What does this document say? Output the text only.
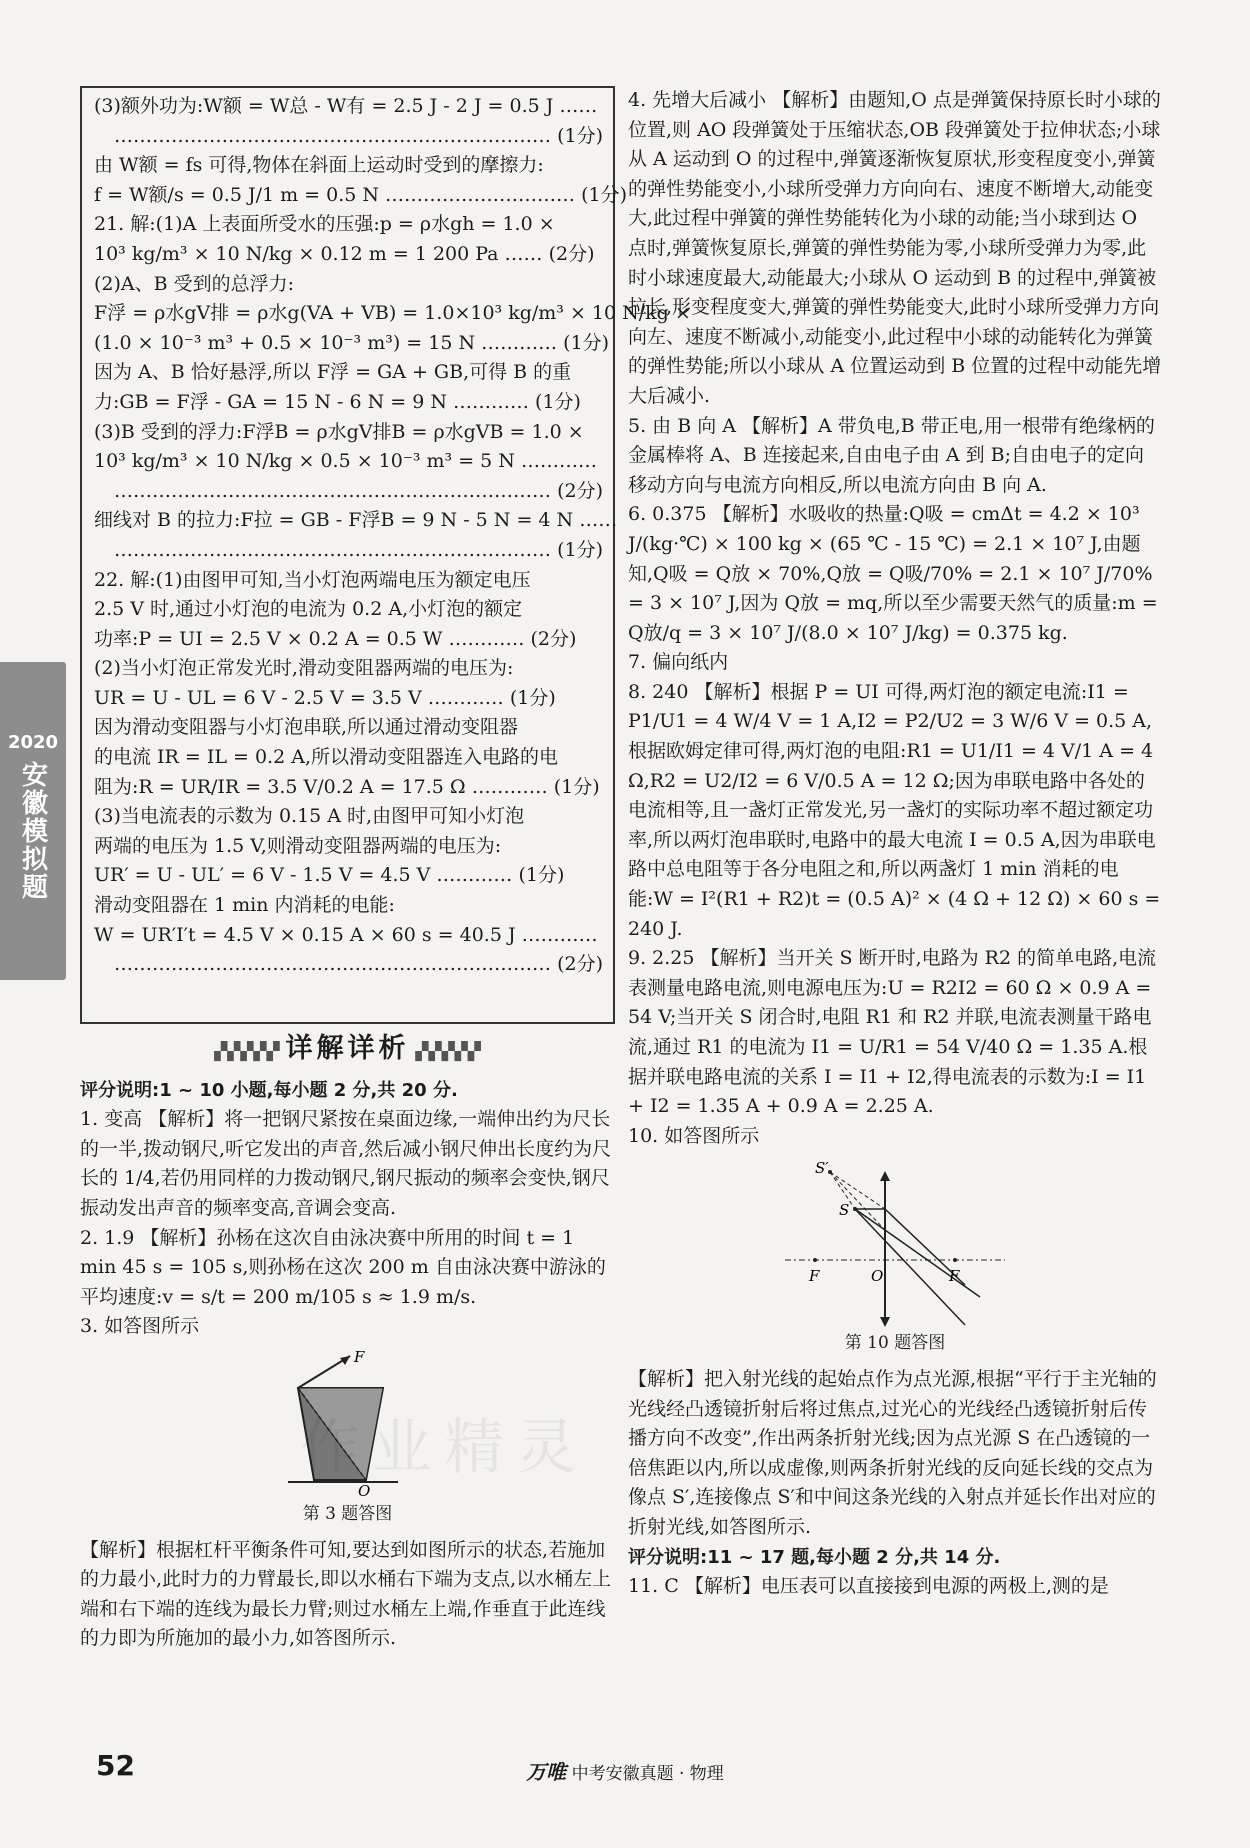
2020
安徽模拟题
(3)额外功为:W额 = W总 - W有 = 2.5 J - 2 J = 0.5 J ……
…………………………………………………………… (1分)
由 W额 = fs 可得,物体在斜面上运动时受到的摩擦力:
f = W额/s = 0.5 J/1 m = 0.5 N ………………………… (1分)
21. 解:(1)A 上表面所受水的压强:p = ρ水gh = 1.0 ×
10³ kg/m³ × 10 N/kg × 0.12 m = 1 200 Pa …… (2分)
(2)A、B 受到的总浮力:
F浮 = ρ水gV排 = ρ水g(VA + VB) = 1.0×10³ kg/m³ × 10 N/kg ×
(1.0 × 10⁻³ m³ + 0.5 × 10⁻³ m³) = 15 N ………… (1分)
因为 A、B 恰好悬浮,所以 F浮 = GA + GB,可得 B 的重
力:GB = F浮 - GA = 15 N - 6 N = 9 N ………… (1分)
(3)B 受到的浮力:F浮B = ρ水gV排B = ρ水gVB = 1.0 ×
10³ kg/m³ × 10 N/kg × 0.5 × 10⁻³ m³ = 5 N …………
…………………………………………………………… (2分)
细线对 B 的拉力:F拉 = GB - F浮B = 9 N - 5 N = 4 N ……
…………………………………………………………… (1分)
22. 解:(1)由图甲可知,当小灯泡两端电压为额定电压
2.5 V 时,通过小灯泡的电流为 0.2 A,小灯泡的额定
功率:P = UI = 2.5 V × 0.2 A = 0.5 W ………… (2分)
(2)当小灯泡正常发光时,滑动变阻器两端的电压为:
UR = U - UL = 6 V - 2.5 V = 3.5 V ………… (1分)
因为滑动变阻器与小灯泡串联,所以通过滑动变阻器
的电流 IR = IL = 0.2 A,所以滑动变阻器连入电路的电
阻为:R = UR/IR = 3.5 V/0.2 A = 17.5 Ω ………… (1分)
(3)当电流表的示数为 0.15 A 时,由图甲可知小灯泡
两端的电压为 1.5 V,则滑动变阻器两端的电压为:
UR′ = U - UL′ = 6 V - 1.5 V = 4.5 V ………… (1分)
滑动变阻器在 1 min 内消耗的电能:
W = UR′I′t = 4.5 V × 0.15 A × 60 s = 40.5 J …………
…………………………………………………………… (2分)
▞▞▞▞▞ 详解详析 ▞▞▞▞▞
评分说明:1 ~ 10 小题,每小题 2 分,共 20 分.
1. 变高 【解析】将一把钢尺紧按在桌面边缘,一端伸出约为尺长的一半,拨动钢尺,听它发出的声音,然后减小钢尺伸出长度约为尺长的 1/4,若仍用同样的力拨动钢尺,钢尺振动的频率会变快,钢尺振动发出声音的频率变高,音调会变高.
2. 1.9 【解析】孙杨在这次自由泳决赛中所用的时间 t = 1 min 45 s = 105 s,则孙杨在这次 200 m 自由泳决赛中游泳的平均速度:v = s/t = 200 m/105 s ≈ 1.9 m/s.
3. 如答图所示
F
O
第 3 题答图
【解析】根据杠杆平衡条件可知,要达到如图所示的状态,若施加的力最小,此时力的力臂最长,即以水桶右下端为支点,以水桶左上端和右下端的连线为最长力臂;则过水桶左上端,作垂直于此连线的力即为所施加的最小力,如答图所示.
4. 先增大后减小 【解析】由题知,O 点是弹簧保持原长时小球的位置,则 AO 段弹簧处于压缩状态,OB 段弹簧处于拉伸状态;小球从 A 运动到 O 的过程中,弹簧逐渐恢复原状,形变程度变小,弹簧的弹性势能变小,小球所受弹力方向向右、速度不断增大,动能变大,此过程中弹簧的弹性势能转化为小球的动能;当小球到达 O 点时,弹簧恢复原长,弹簧的弹性势能为零,小球所受弹力为零,此时小球速度最大,动能最大;小球从 O 运动到 B 的过程中,弹簧被拉长,形变程度变大,弹簧的弹性势能变大,此时小球所受弹力方向向左、速度不断减小,动能变小,此过程中小球的动能转化为弹簧的弹性势能;所以小球从 A 位置运动到 B 位置的过程中动能先增大后减小.
5. 由 B 向 A 【解析】A 带负电,B 带正电,用一根带有绝缘柄的金属棒将 A、B 连接起来,自由电子由 A 到 B;自由电子的定向移动方向与电流方向相反,所以电流方向由 B 向 A.
6. 0.375 【解析】水吸收的热量:Q吸 = cmΔt = 4.2 × 10³ J/(kg·℃) × 100 kg × (65 ℃ - 15 ℃) = 2.1 × 10⁷ J,由题知,Q吸 = Q放 × 70%,Q放 = Q吸/70% = 2.1 × 10⁷ J/70% = 3 × 10⁷ J,因为 Q放 = mq,所以至少需要天然气的质量:m = Q放/q = 3 × 10⁷ J/(8.0 × 10⁷ J/kg) = 0.375 kg.
7. 偏向纸内
8. 240 【解析】根据 P = UI 可得,两灯泡的额定电流:I1 = P1/U1 = 4 W/4 V = 1 A,I2 = P2/U2 = 3 W/6 V = 0.5 A,根据欧姆定律可得,两灯泡的电阻:R1 = U1/I1 = 4 V/1 A = 4 Ω,R2 = U2/I2 = 6 V/0.5 A = 12 Ω;因为串联电路中各处的电流相等,且一盏灯正常发光,另一盏灯的实际功率不超过额定功率,所以两灯泡串联时,电路中的最大电流 I = 0.5 A,因为串联电路中总电阻等于各分电阻之和,所以两盏灯 1 min 消耗的电能:W = I²(R1 + R2)t = (0.5 A)² × (4 Ω + 12 Ω) × 60 s = 240 J.
9. 2.25 【解析】当开关 S 断开时,电路为 R2 的简单电路,电流表测量电路电流,则电源电压为:U = R2I2 = 60 Ω × 0.9 A = 54 V;当开关 S 闭合时,电阻 R1 和 R2 并联,电流表测量干路电流,通过 R1 的电流为 I1 = U/R1 = 54 V/40 Ω = 1.35 A.根据并联电路电流的关系 I = I1 + I2,得电流表的示数为:I = I1 + I2 = 1.35 A + 0.9 A = 2.25 A.
10. 如答图所示
S′
S
F	O	F
第 10 题答图
【解析】把入射光线的起始点作为点光源,根据“平行于主光轴的光线经凸透镜折射后将过焦点,过光心的光线经凸透镜折射后传播方向不改变”,作出两条折射光线;因为点光源 S 在凸透镜的一倍焦距以内,所以成虚像,则两条折射光线的反向延长线的交点为像点 S′,连接像点 S′和中间这条光线的入射点并延长作出对应的折射光线,如答图所示.
评分说明:11 ~ 17 题,每小题 2 分,共 14 分.
11. C 【解析】电压表可以直接接到电源的两极上,测的是
作业精灵
52	万唯 中考安徽真题 · 物理
